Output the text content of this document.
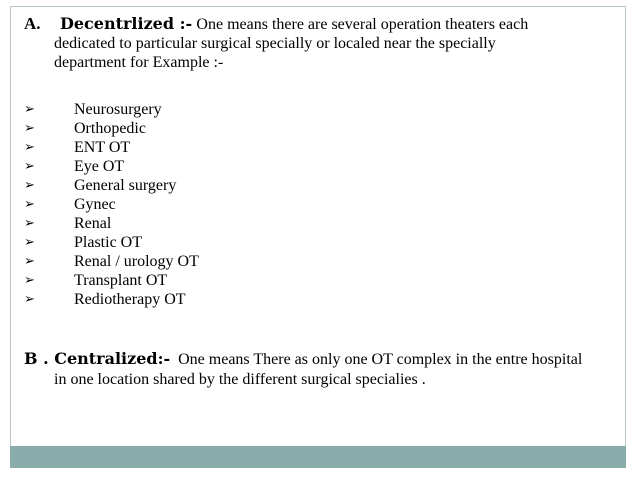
A. Decentrlized :- One means there are several operation theaters each
dedicated to particular surgical specially or localed near the specially
department for Example :-
➢	Neurosurgery
➢	Orthopedic
➢	ENT OT
➢	Eye OT
➢	General surgery
➢	Gynec
➢	Renal
➢	Plastic OT
➢	Renal / urology OT
➢	Transplant OT
➢	Rediotherapy OT
B . Centralized:- One means There as only one OT complex in the entre hospital
in one location shared by the different surgical specialies .
